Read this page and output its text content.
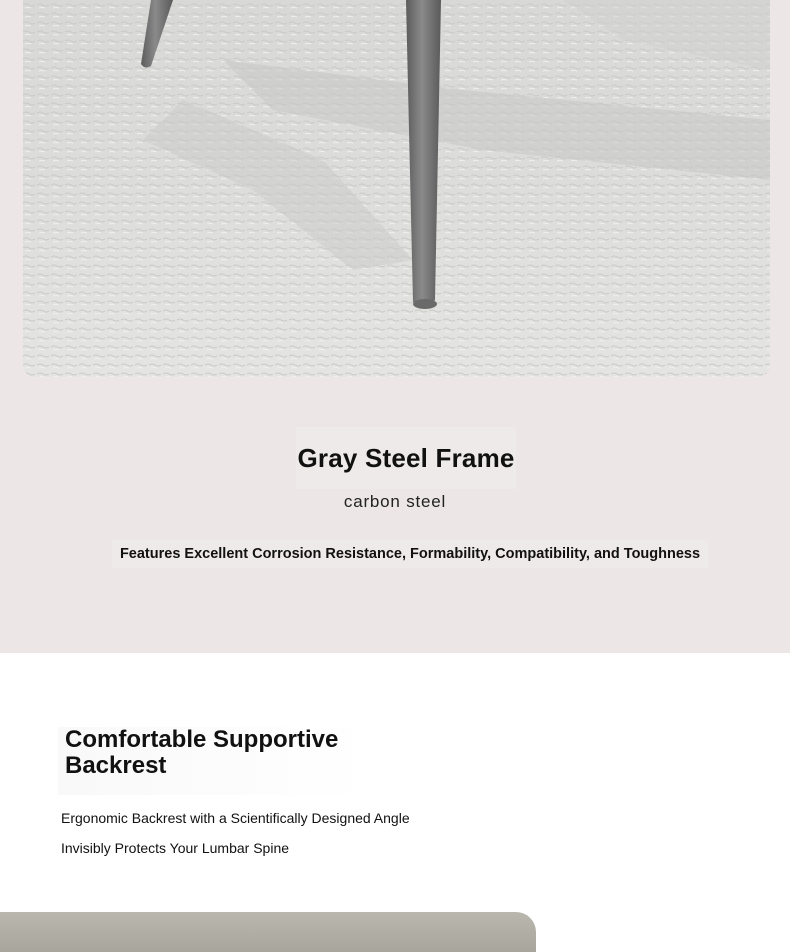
Gray Steel Frame
carbon steel
Features Excellent Corrosion Resistance, Formability, Compatibility, and Toughness
Comfortable Supportive
Backrest
Ergonomic Backrest with a Scientifically Designed Angle
Invisibly Protects Your Lumbar Spine
